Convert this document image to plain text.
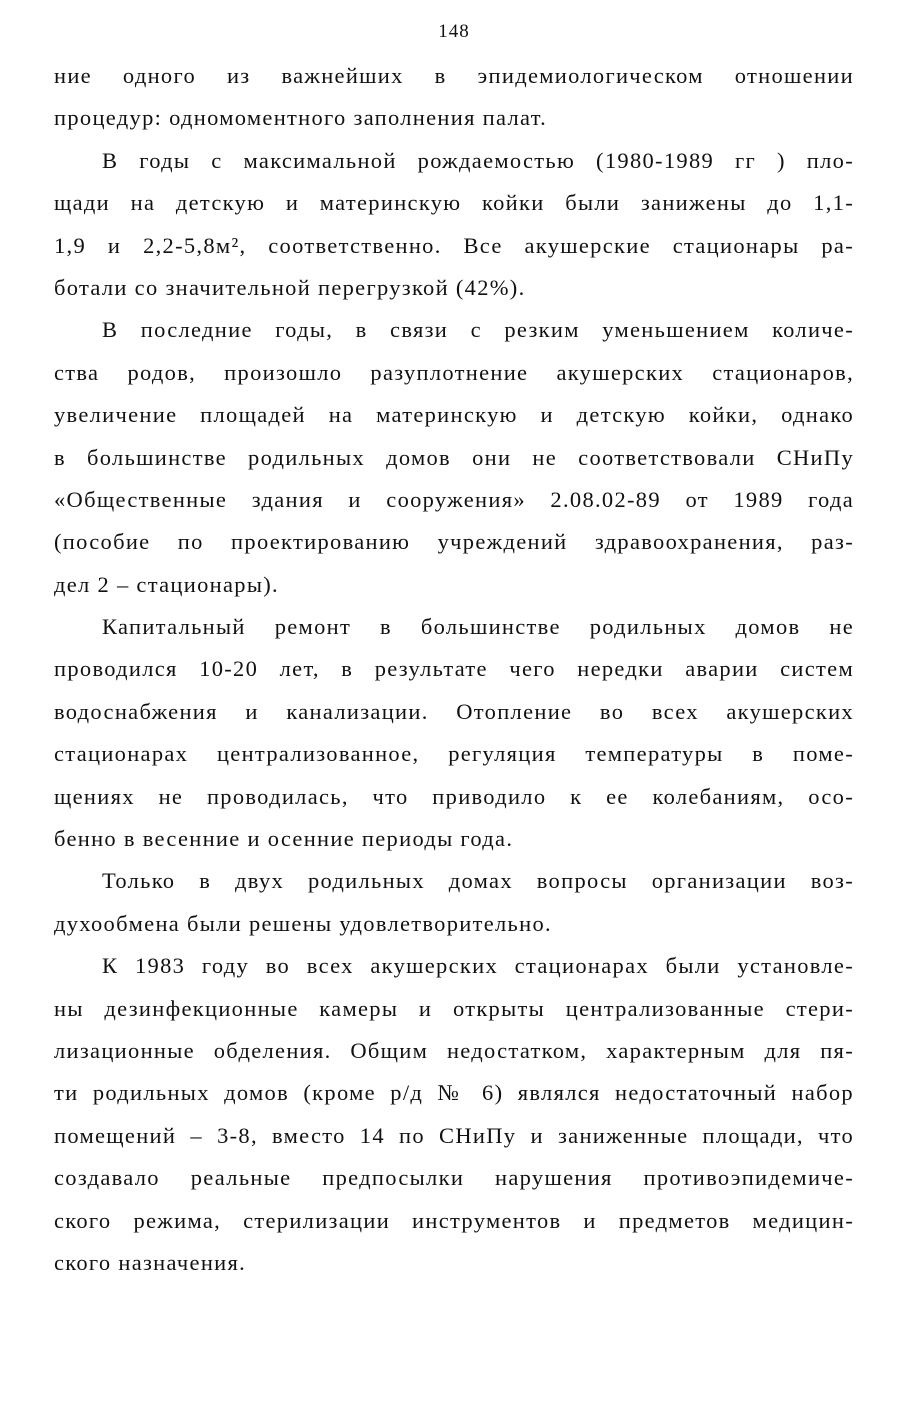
148
ние одного из важнейших в эпидемиологическом отношении
процедур: одномоментного заполнения палат.
В годы с максимальной рождаемостью (1980-1989 гг ) пло-
щади на детскую и материнскую койки были занижены до 1,1-
1,9 и 2,2-5,8м², соответственно. Все акушерские стационары ра-
ботали со значительной перегрузкой (42%).
В последние годы, в связи с резким уменьшением количе-
ства родов, произошло разуплотнение акушерских стационаров,
увеличение площадей на материнскую и детскую койки, однако
в большинстве родильных домов они не соответствовали СНиПу
«Общественные здания и сооружения» 2.08.02-89 от 1989 года
(пособие по проектированию учреждений здравоохранения, раз-
дел 2 – стационары).
Капитальный ремонт в большинстве родильных домов не
проводился 10-20 лет, в результате чего нередки аварии систем
водоснабжения и канализации. Отопление во всех акушерских
стационарах централизованное, регуляция температуры в поме-
щениях не проводилась, что приводило к ее колебаниям, осо-
бенно в весенние и осенние периоды года.
Только в двух родильных домах вопросы организации воз-
духообмена были решены удовлетворительно.
К 1983 году во всех акушерских стационарах были установле-
ны дезинфекционные камеры и открыты централизованные стери-
лизационные обделения. Общим недостатком, характерным для пя-
ти родильных домов (кроме р/д № 6) являлся недостаточный набор
помещений – 3-8, вместо 14 по СНиПу и заниженные площади, что
создавало реальные предпосылки нарушения противоэпидемиче-
ского режима, стерилизации инструментов и предметов медицин-
ского назначения.
